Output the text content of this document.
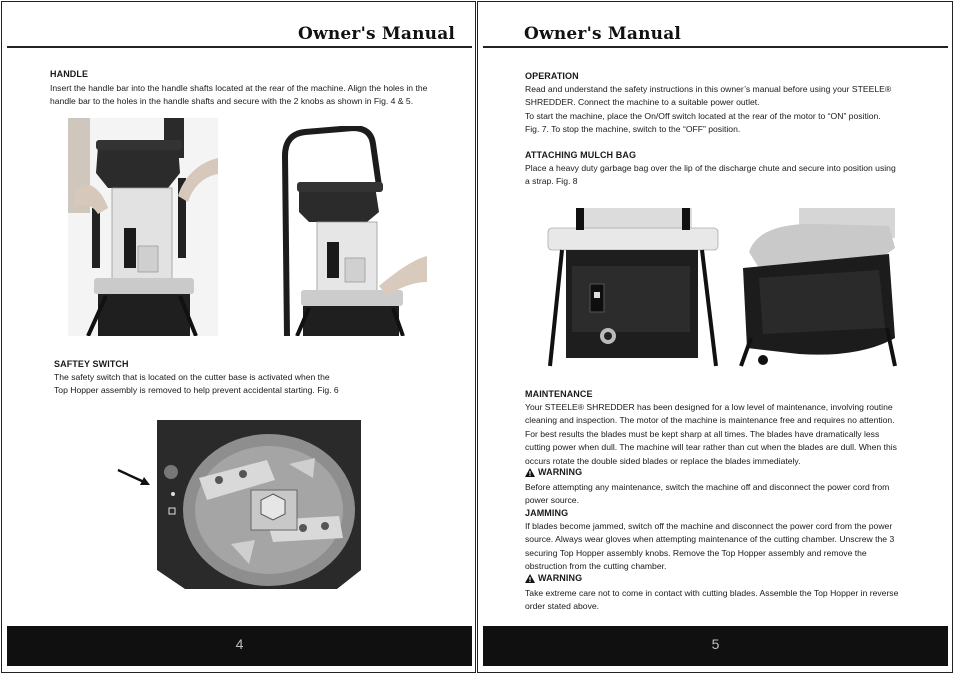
Owner's Manual
HANDLE
Insert the handle bar into the handle shafts located at the rear of the machine. Align the holes in the
handle bar to the holes in the handle shafts and secure with the 2 knobs as shown in Fig. 4 & 5.
SAFTEY SWITCH
The safety switch that is located on the cutter base is activated when the
Top Hopper assembly is removed to help prevent accidental starting. Fig. 6
4
Owner's Manual
OPERATION
Read and understand the safety instructions in this owner’s manual before using your STEELE®
SHREDDER. Connect the machine to a suitable power outlet.
To start the machine, place the On/Off switch located at the rear of the motor to “ON” position.
Fig. 7. To stop the machine, switch to the “OFF” position.
ATTACHING MULCH BAG
Place a heavy duty garbage bag over the lip of the discharge chute and secure into position using
a strap. Fig. 8
MAINTENANCE
Your STEELE® SHREDDER has been designed for a low level of maintenance, involving routine
cleaning and inspection. The motor of the machine is maintenance free and requires no attention.
For best results the blades must be kept sharp at all times. The blades have dramatically less
cutting power when dull. The machine will tear rather than cut when the blades are dull. When this
occurs rotate the double sided blades or replace the blades immediately.
WARNING
Before attempting any maintenance, switch the machine off and disconnect the power cord from
power source.
JAMMING
If blades become jammed, switch off the machine and disconnect the power cord from the power
source. Always wear gloves when attempting maintenance of the cutting chamber. Unscrew the 3
securing Top Hopper assembly knobs. Remove the Top Hopper assembly and remove the
obstruction from the cutting chamber.
WARNING
Take extreme care not to come in contact with cutting blades. Assemble the Top Hopper in reverse
order stated above.
5
